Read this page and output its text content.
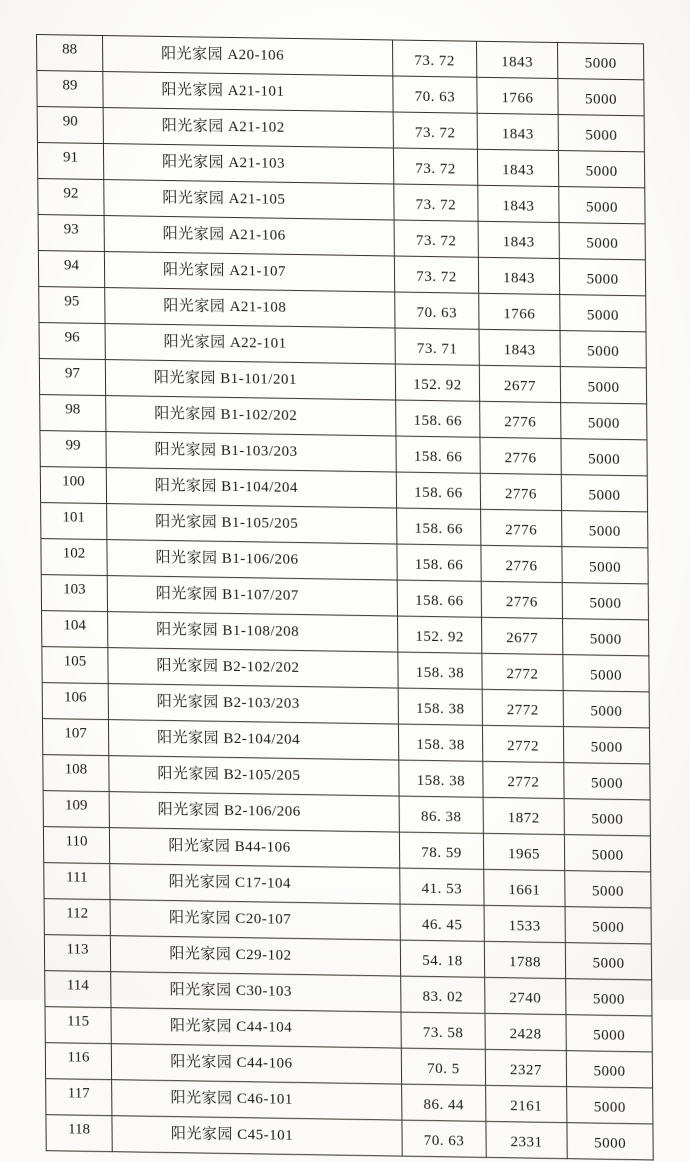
88	阳光家园 A20-106	73. 72	1843	5000
89	阳光家园 A21-101	70. 63	1766	5000
90	阳光家园 A21-102	73. 72	1843	5000
91	阳光家园 A21-103	73. 72	1843	5000
92	阳光家园 A21-105	73. 72	1843	5000
93	阳光家园 A21-106	73. 72	1843	5000
94	阳光家园 A21-107	73. 72	1843	5000
95	阳光家园 A21-108	70. 63	1766	5000
96	阳光家园 A22-101	73. 71	1843	5000
97	阳光家园 B1-101/201	152. 92	2677	5000
98	阳光家园 B1-102/202	158. 66	2776	5000
99	阳光家园 B1-103/203	158. 66	2776	5000
100	阳光家园 B1-104/204	158. 66	2776	5000
101	阳光家园 B1-105/205	158. 66	2776	5000
102	阳光家园 B1-106/206	158. 66	2776	5000
103	阳光家园 B1-107/207	158. 66	2776	5000
104	阳光家园 B1-108/208	152. 92	2677	5000
105	阳光家园 B2-102/202	158. 38	2772	5000
106	阳光家园 B2-103/203	158. 38	2772	5000
107	阳光家园 B2-104/204	158. 38	2772	5000
108	阳光家园 B2-105/205	158. 38	2772	5000
109	阳光家园 B2-106/206	86. 38	1872	5000
110	阳光家园 B44-106	78. 59	1965	5000
111	阳光家园 C17-104	41. 53	1661	5000
112	阳光家园 C20-107	46. 45	1533	5000
113	阳光家园 C29-102	54. 18	1788	5000
114	阳光家园 C30-103	83. 02	2740	5000
115	阳光家园 C44-104	73. 58	2428	5000
116	阳光家园 C44-106	70. 5	2327	5000
117	阳光家园 C46-101	86. 44	2161	5000
118	阳光家园 C45-101	70. 63	2331	5000
